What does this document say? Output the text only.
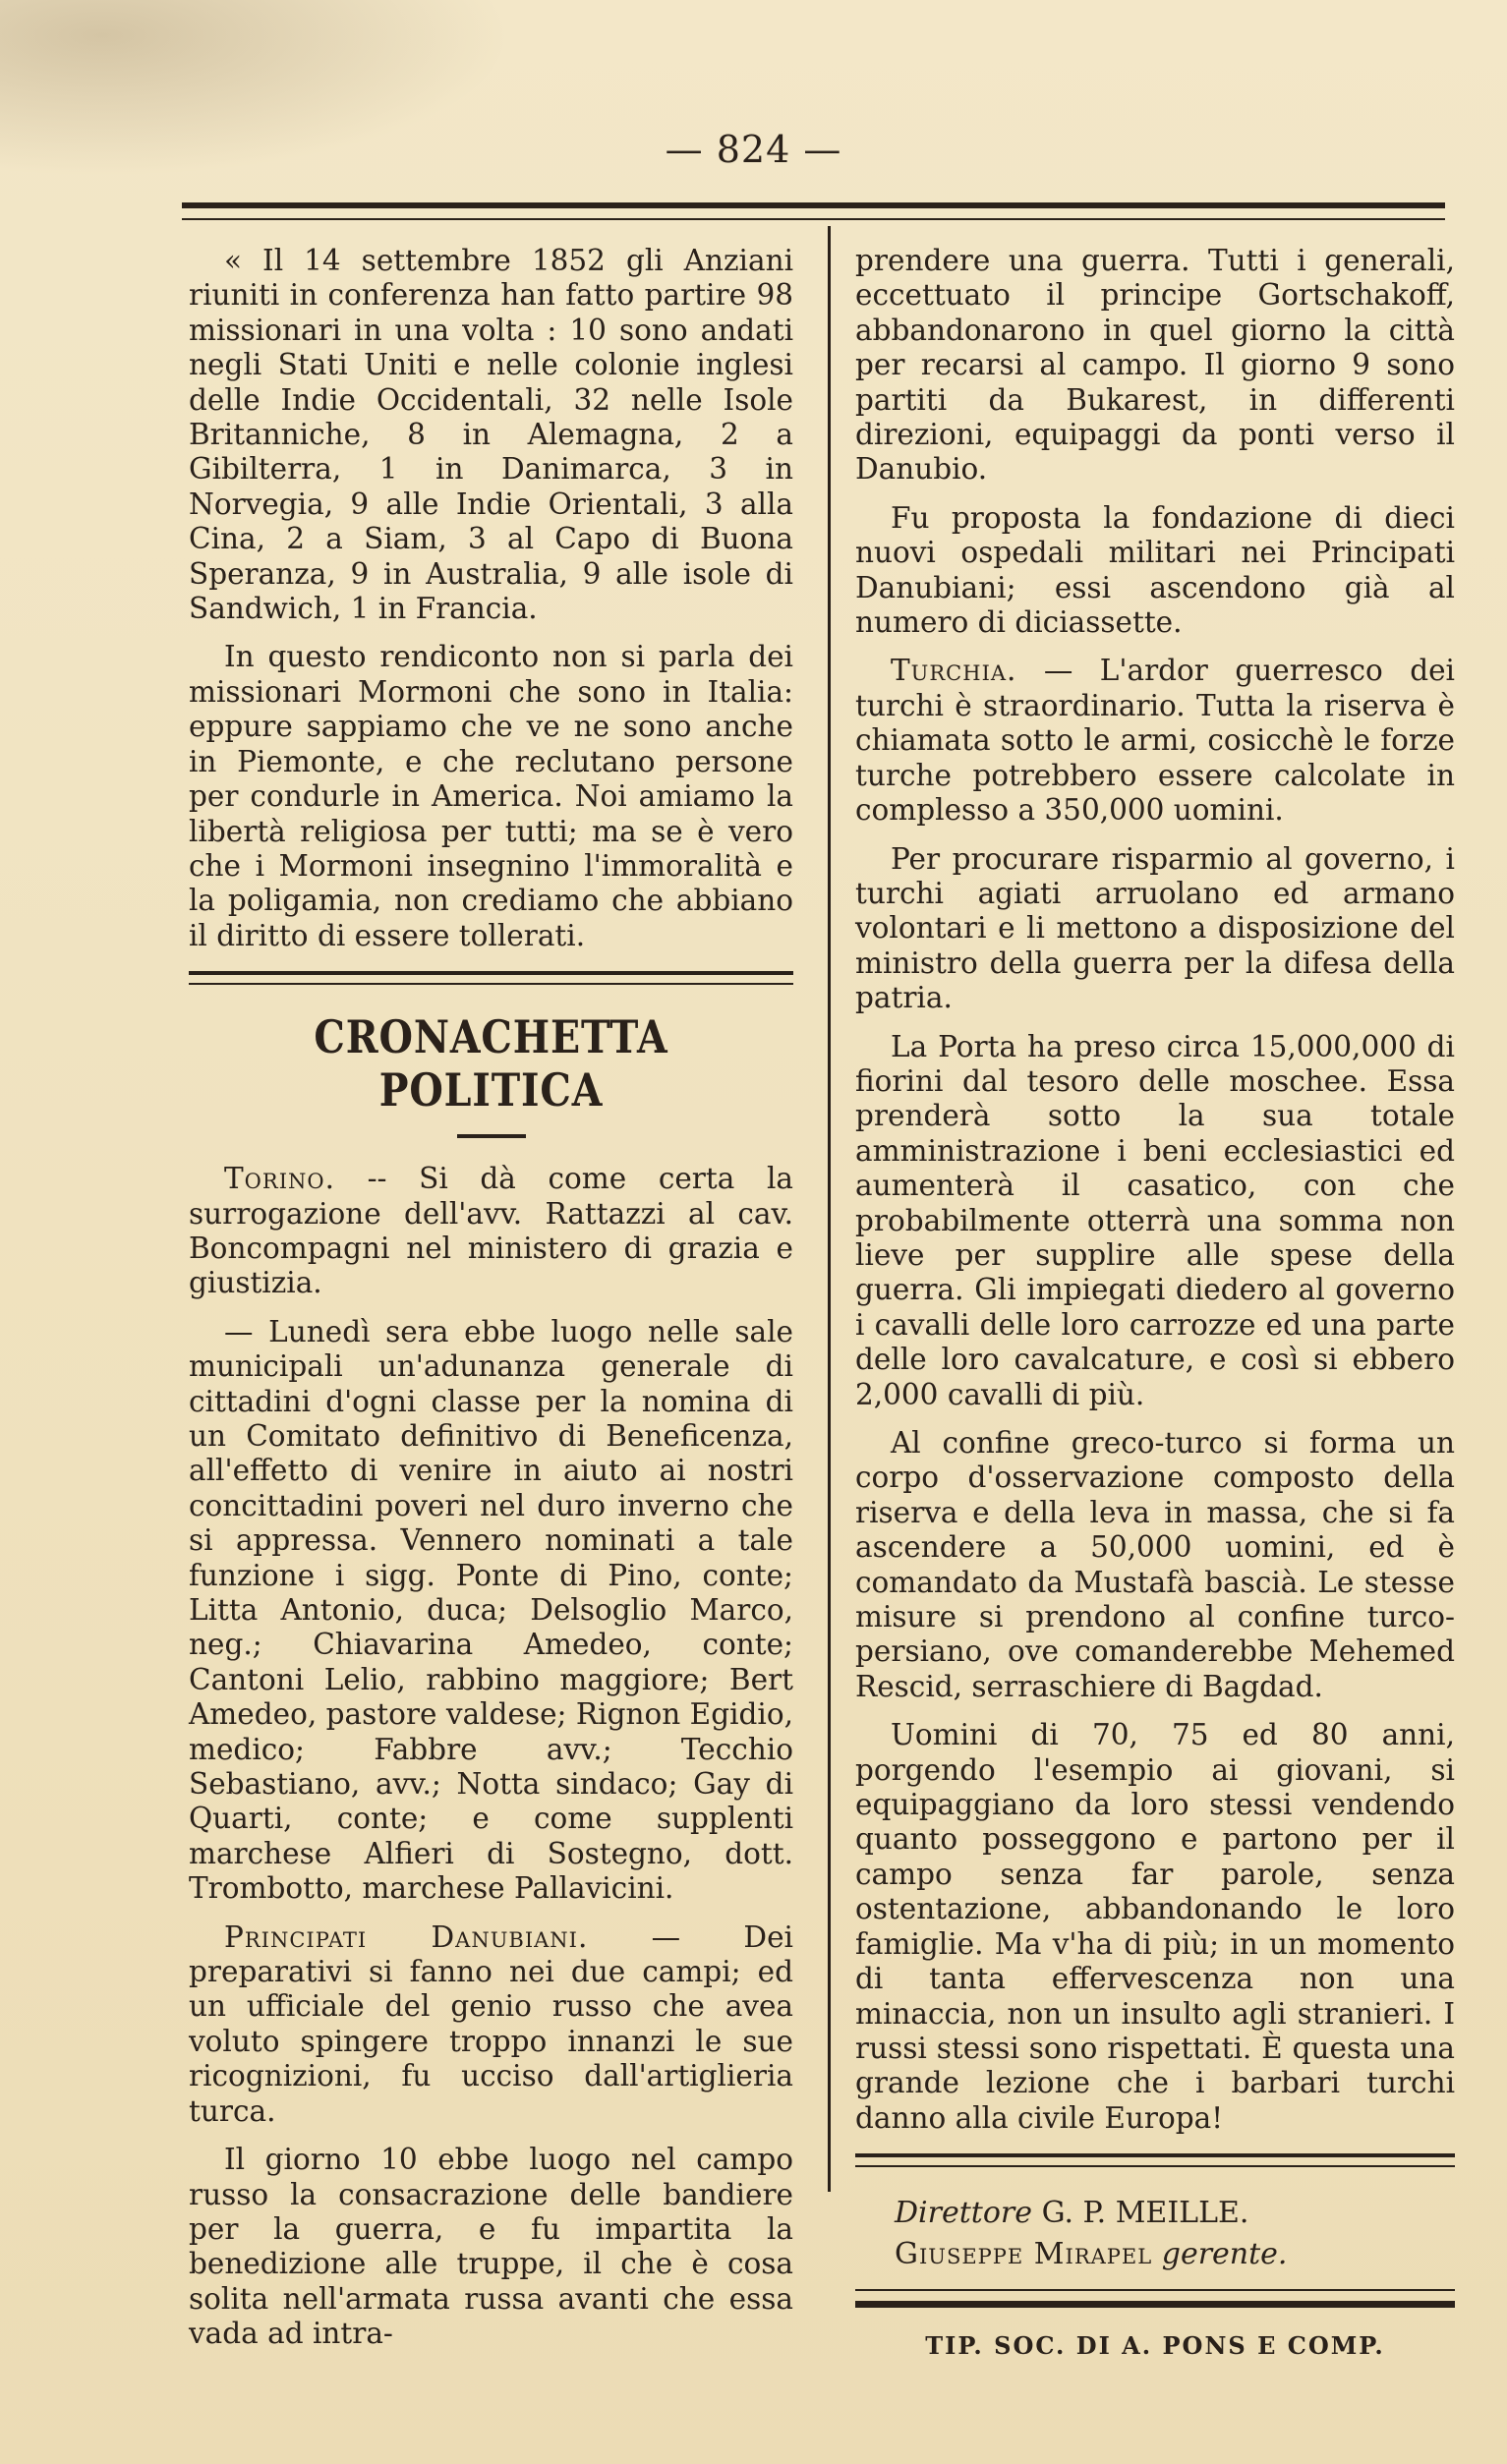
— 824 —

« Il 14 settembre 1852 gli Anziani riuniti in conferenza han fatto partire 98 missionari in una volta : 10 sono andati negli Stati Uniti e nelle colonie inglesi delle Indie Occidentali, 32 nelle Isole Britanniche, 8 in Alemagna, 2 a Gibilterra, 1 in Danimarca, 3 in Norvegia, 9 alle Indie Orientali, 3 alla Cina, 2 a Siam, 3 al Capo di Buona Speranza, 9 in Australia, 9 alle isole di Sandwich, 1 in Francia.

In questo rendiconto non si parla dei missionari Mormoni che sono in Italia: eppure sappiamo che ve ne sono anche in Piemonte, e che reclutano persone per condurle in America. Noi amiamo la libertà religiosa per tutti; ma se è vero che i Mormoni insegnino l'immoralità e la poligamia, non crediamo che abbiano il diritto di essere tollerati.

CRONACHETTA POLITICA

Torino. -- Si dà come certa la surrogazione dell'avv. Rattazzi al cav. Boncompagni nel ministero di grazia e giustizia.

— Lunedì sera ebbe luogo nelle sale municipali un'adunanza generale di cittadini d'ogni classe per la nomina di un Comitato definitivo di Beneficenza, all'effetto di venire in aiuto ai nostri concittadini poveri nel duro inverno che si appressa. Vennero nominati a tale funzione i sigg. Ponte di Pino, conte; Litta Antonio, duca; Delsoglio Marco, neg.; Chiavarina Amedeo, conte; Cantoni Lelio, rabbino maggiore; Bert Amedeo, pastore valdese; Rignon Egidio, medico; Fabbre avv.; Tecchio Sebastiano, avv.; Notta sindaco; Gay di Quarti, conte; e come supplenti marchese Alfieri di Sostegno, dott. Trombotto, marchese Pallavicini.

Principati Danubiani. — Dei preparativi si fanno nei due campi; ed un ufficiale del genio russo che avea voluto spingere troppo innanzi le sue ricognizioni, fu ucciso dall'artiglieria turca.

Il giorno 10 ebbe luogo nel campo russo la consacrazione delle bandiere per la guerra, e fu impartita la benedizione alle truppe, il che è cosa solita nell'armata russa avanti che essa vada ad intra-

prendere una guerra. Tutti i generali, eccettuato il principe Gortschakoff, abbandonarono in quel giorno la città per recarsi al campo. Il giorno 9 sono partiti da Bukarest, in differenti direzioni, equipaggi da ponti verso il Danubio.

Fu proposta la fondazione di dieci nuovi ospedali militari nei Principati Danubiani; essi ascendono già al numero di diciassette.

Turchia. — L'ardor guerresco dei turchi è straordinario. Tutta la riserva è chiamata sotto le armi, cosicchè le forze turche potrebbero essere calcolate in complesso a 350,000 uomini.

Per procurare risparmio al governo, i turchi agiati arruolano ed armano volontari e li mettono a disposizione del ministro della guerra per la difesa della patria.

La Porta ha preso circa 15,000,000 di fiorini dal tesoro delle moschee. Essa prenderà sotto la sua totale amministrazione i beni ecclesiastici ed aumenterà il casatico, con che probabilmente otterrà una somma non lieve per supplire alle spese della guerra. Gli impiegati diedero al governo i cavalli delle loro carrozze ed una parte delle loro cavalcature, e così si ebbero 2,000 cavalli di più.

Al confine greco-turco si forma un corpo d'osservazione composto della riserva e della leva in massa, che si fa ascendere a 50,000 uomini, ed è comandato da Mustafà bascià. Le stesse misure si prendono al confine turco-persiano, ove comanderebbe Mehemed Rescid, serraschiere di Bagdad.

Uomini di 70, 75 ed 80 anni, porgendo l'esempio ai giovani, si equipaggiano da loro stessi vendendo quanto posseggono e partono per il campo senza far parole, senza ostentazione, abbandonando le loro famiglie. Ma v'ha di più; in un momento di tanta effervescenza non una minaccia, non un insulto agli stranieri. I russi stessi sono rispettati. È questa una grande lezione che i barbari turchi danno alla civile Europa!

Direttore G. P. MEILLE.
Giuseppe Mirapel gerente.
TIP. SOC. DI A. PONS E COMP.
